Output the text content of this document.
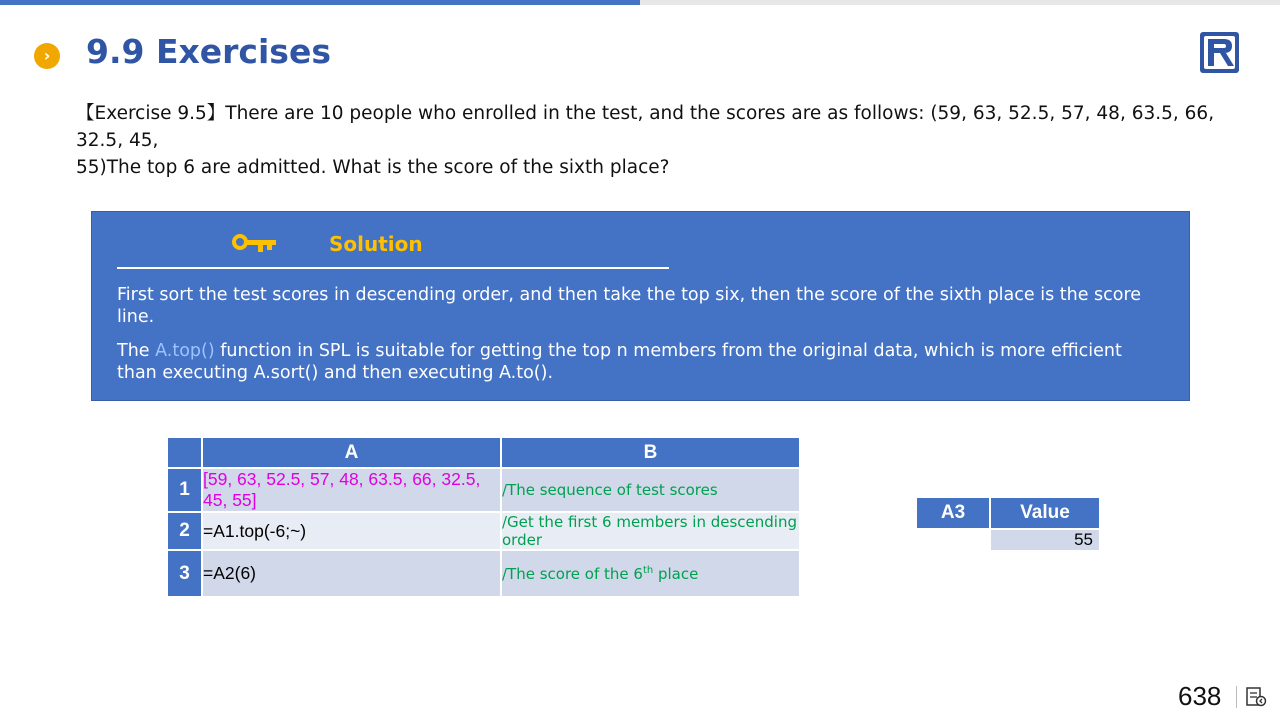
› 9.9 Exercises
【Exercise 9.5】There are 10 people who enrolled in the test, and the scores are as follows: (59, 63, 52.5, 57, 48, 63.5, 66, 32.5, 45,
55)The top 6 are admitted. What is the score of the sixth place?
Solution

First sort the test scores in descending order, and then take the top six, then the score of the sixth place is the score line.

The A.top() function in SPL is suitable for getting the top n members from the original data, which is more efficient than executing A.sort() and then executing A.to().

	A	B
1	[59, 63, 52.5, 57, 48, 63.5, 66, 32.5, 45, 55]	/The sequence of test scores
2	=A1.top(-6;~)	/Get the first 6 members in descending order
3	=A2(6)	/The score of the 6th place
A3	Value
	55
638
